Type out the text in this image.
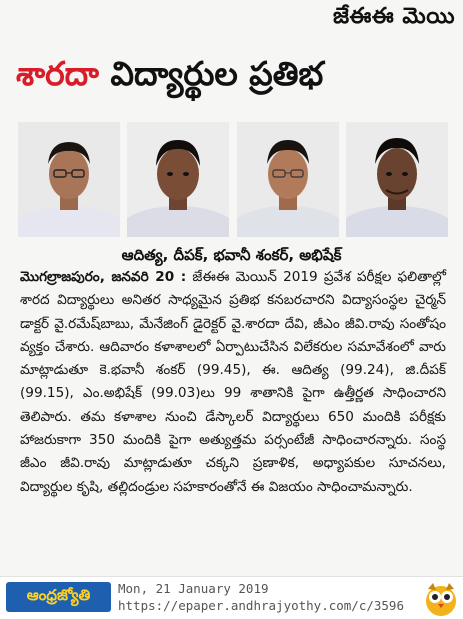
జేఈఈ మెయి
శారదా విద్యార్థుల ప్రతిభ
ఆదిత్య, దీపక్, భవానీ శంకర్, అభిషేక్
మొగల్రాజపురం, జనవరి 20 : జేఈఈ మెయిన్ 2019 ప్రవేశ పరీక్షల ఫలితాల్లో శారద విద్యార్థులు అనితర సాధ్యమైన ప్రతిభ కనబరచారని విద్యాసంస్థల చైర్మన్ డాక్టర్ వై.రమేష్‌బాబు, మేనేజింగ్ డైరెక్టర్ వై.శారదా దేవి, జీఎం జీవి.రావు సంతోషం వ్యక్తం చేశారు. ఆదివారం కళాశాలలో ఏర్పాటుచేసిన విలేకరుల సమావేశంలో వారు మాట్లాడుతూ కె.భవానీ శంకర్ (99.45), ఈ. ఆదిత్య (99.24), జి.దీపక్ (99.15), ఎం.అభిషేక్ (99.03)లు 99 శాతానికి పైగా ఉత్తీర్ణత సాధించారని తెలిపారు. తమ కళాశాల నుంచి డేస్కాలర్ విద్యార్థులు 650 మందికి పరీక్షకు హాజరుకాగా 350 మందికి పైగా అత్యుత్తమ పర్సంటేజీ సాధించారన్నారు. సంస్థ జీఎం జీవి.రావు మాట్లాడుతూ చక్కని ప్రణాళిక, అధ్యాపకుల సూచనలు, విద్యార్థుల కృషి, తల్లిదండ్రుల సహకారంతోనే ఈ విజయం సాధించామన్నారు.
ఆంధ్రజ్యోతి Mon, 21 January 2019
https://epaper.andhrajyothy.com/c/3596
